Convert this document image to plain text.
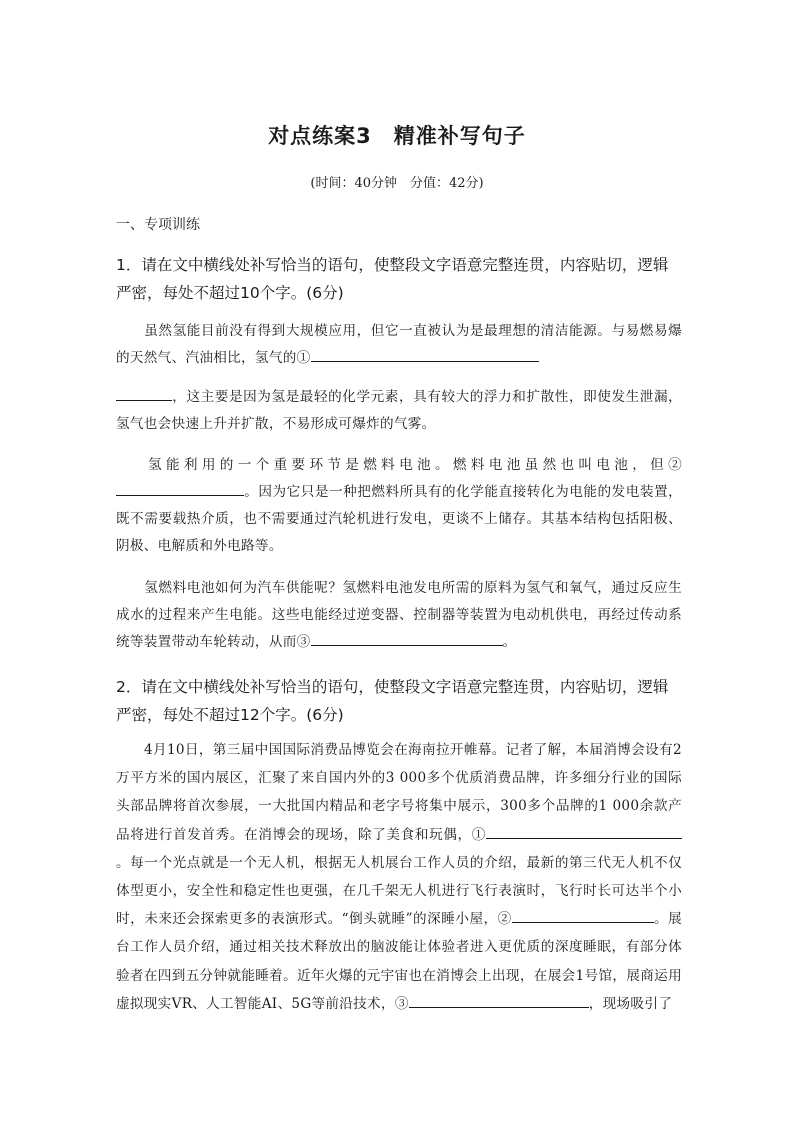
对点练案3　精准补写句子
(时间：40分钟　分值：42分)
一、专项训练
1．请在文中横线处补写恰当的语句，使整段文字语意完整连贯，内容贴切，逻辑严密，每处不超过10个字。(6分)
虽然氢能目前没有得到大规模应用，但它一直被认为是最理想的清洁能源。与易燃易爆的天然气、汽油相比，氢气的①
，这主要是因为氢是最轻的化学元素，具有较大的浮力和扩散性，即使发生泄漏，氢气也会快速上升并扩散，不易形成可爆炸的气雾。
氢能利用的一个重要环节是燃料电池。燃料电池虽然也叫电池，但②。因为它只是一种把燃料所具有的化学能直接转化为电能的发电装置，既不需要载热介质，也不需要通过汽轮机进行发电，更谈不上储存。其基本结构包括阳极、阴极、电解质和外电路等。
氢燃料电池如何为汽车供能呢？氢燃料电池发电所需的原料为氢气和氧气，通过反应生成水的过程来产生电能。这些电能经过逆变器、控制器等装置为电动机供电，再经过传动系统等装置带动车轮转动，从而③	。
2．请在文中横线处补写恰当的语句，使整段文字语意完整连贯，内容贴切，逻辑严密，每处不超过12个字。(6分)
4月10日，第三届中国国际消费品博览会在海南拉开帷幕。记者了解，本届消博会设有2万平方米的国内展区，汇聚了来自国内外的3 000多个优质消费品牌，许多细分行业的国际头部品牌将首次参展，一大批国内精品和老字号将集中展示，300多个品牌的1 000余款产品将进行首发首秀。在消博会的现场，除了美食和玩偶，①。每一个光点就是一个无人机，根据无人机展台工作人员的介绍，最新的第三代无人机不仅体型更小，安全性和稳定性也更强，在几千架无人机进行飞行表演时，飞行时长可达半个小时，未来还会探索更多的表演形式。“倒头就睡”的深睡小屋，②	。展台工作人员介绍，通过相关技术释放出的脑波能让体验者进入更优质的深度睡眠，有部分体验者在四到五分钟就能睡着。近年火爆的元宇宙也在消博会上出现，在展会1号馆，展商运用虚拟现实VR、人工智能AI、5G等前沿技术，③	，现场吸引了
